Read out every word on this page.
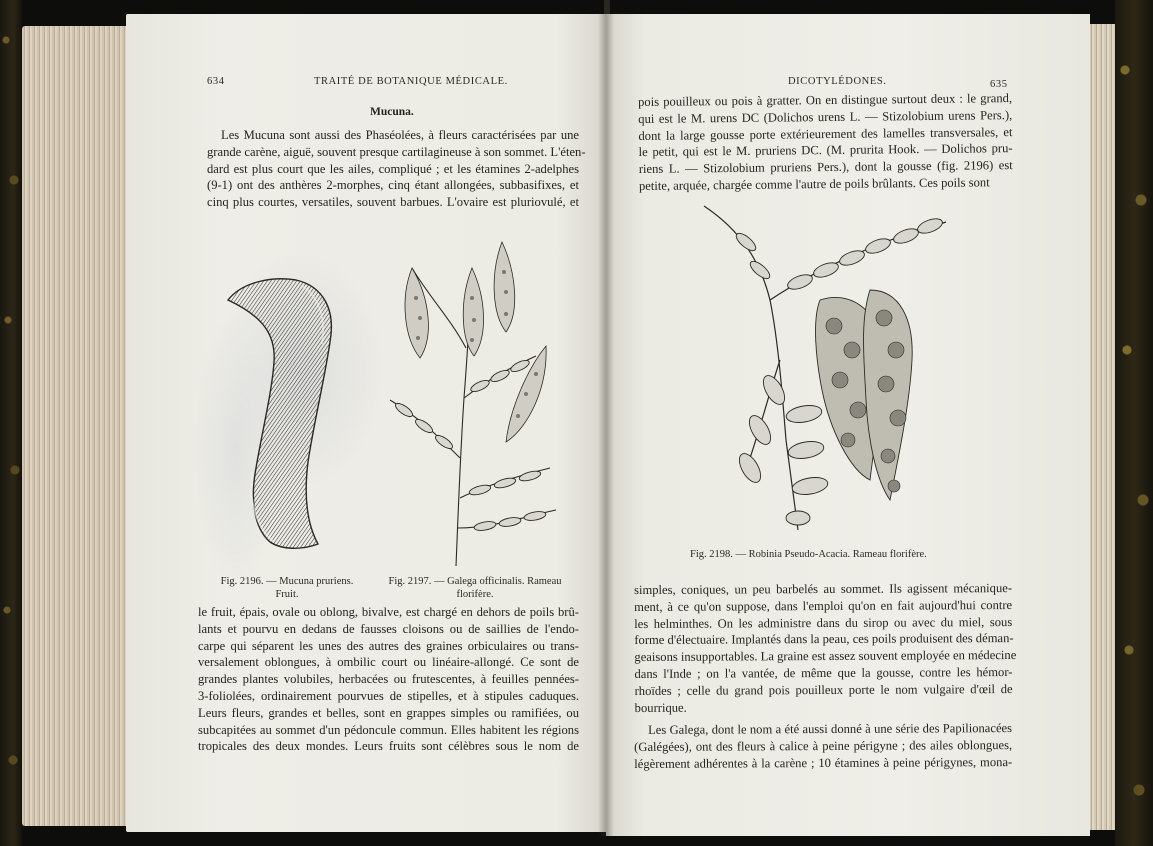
634	TRAITÉ DE BOTANIQUE MÉDICALE.
Mucuna.
Les Mucuna sont aussi des Phaséolées, à fleurs caractérisées par une
grande carène, aiguë, souvent presque cartilagineuse à son sommet. L'éten-
dard est plus court que les ailes, compliqué ; et les étamines 2-adelphes
(9-1) ont des anthères 2-morphes, cinq étant allongées, subbasifixes, et
cinq plus courtes, versatiles, souvent barbues. L'ovaire est pluriovulé, et
Fig. 2196. — Mucuna pruriens.
Fruit.
Fig. 2197. — Galega officinalis. Rameau
florifère.
le fruit, épais, ovale ou oblong, bivalve, est chargé en dehors de poils brû-
lants et pourvu en dedans de fausses cloisons ou de saillies de l'endo-
carpe qui séparent les unes des autres des graines orbiculaires ou trans-
versalement oblongues, à ombilic court ou linéaire-allongé. Ce sont de
grandes plantes volubiles, herbacées ou frutescentes, à feuilles pennées-
3-foliolées, ordinairement pourvues de stipelles, et à stipules caduques.
Leurs fleurs, grandes et belles, sont en grappes simples ou ramifiées, ou
subcapitées au sommet d'un pédoncule commun. Elles habitent les régions
tropicales des deux mondes. Leurs fruits sont célèbres sous le nom de
DICOTYLÉDONES.	635
pois pouilleux ou pois à gratter. On en distingue surtout deux : le grand,
qui est le M. urens DC (Dolichos urens L. — Stizolobium urens Pers.),
dont la large gousse porte extérieurement des lamelles transversales, et
le petit, qui est le M. pruriens DC. (M. prurita Hook. — Dolichos pru-
riens L. — Stizolobium pruriens Pers.), dont la gousse (fig. 2196) est
petite, arquée, chargée comme l'autre de poils brûlants. Ces poils sont
Fig. 2198. — Robinia Pseudo-Acacia. Rameau florifère.
simples, coniques, un peu barbelés au sommet. Ils agissent mécanique-
ment, à ce qu'on suppose, dans l'emploi qu'on en fait aujourd'hui contre
les helminthes. On les administre dans du sirop ou avec du miel, sous
forme d'électuaire. Implantés dans la peau, ces poils produisent des déman-
geaisons insupportables. La graine est assez souvent employée en médecine
dans l'Inde ; on l'a vantée, de même que la gousse, contre les hémor-
rhoïdes ; celle du grand pois pouilleux porte le nom vulgaire d'œil de
bourrique.
Les Galega, dont le nom a été aussi donné à une série des Papilionacées
(Galégées), ont des fleurs à calice à peine périgyne ; des ailes oblongues,
légèrement adhérentes à la carène ; 10 étamines à peine périgynes, mona-
